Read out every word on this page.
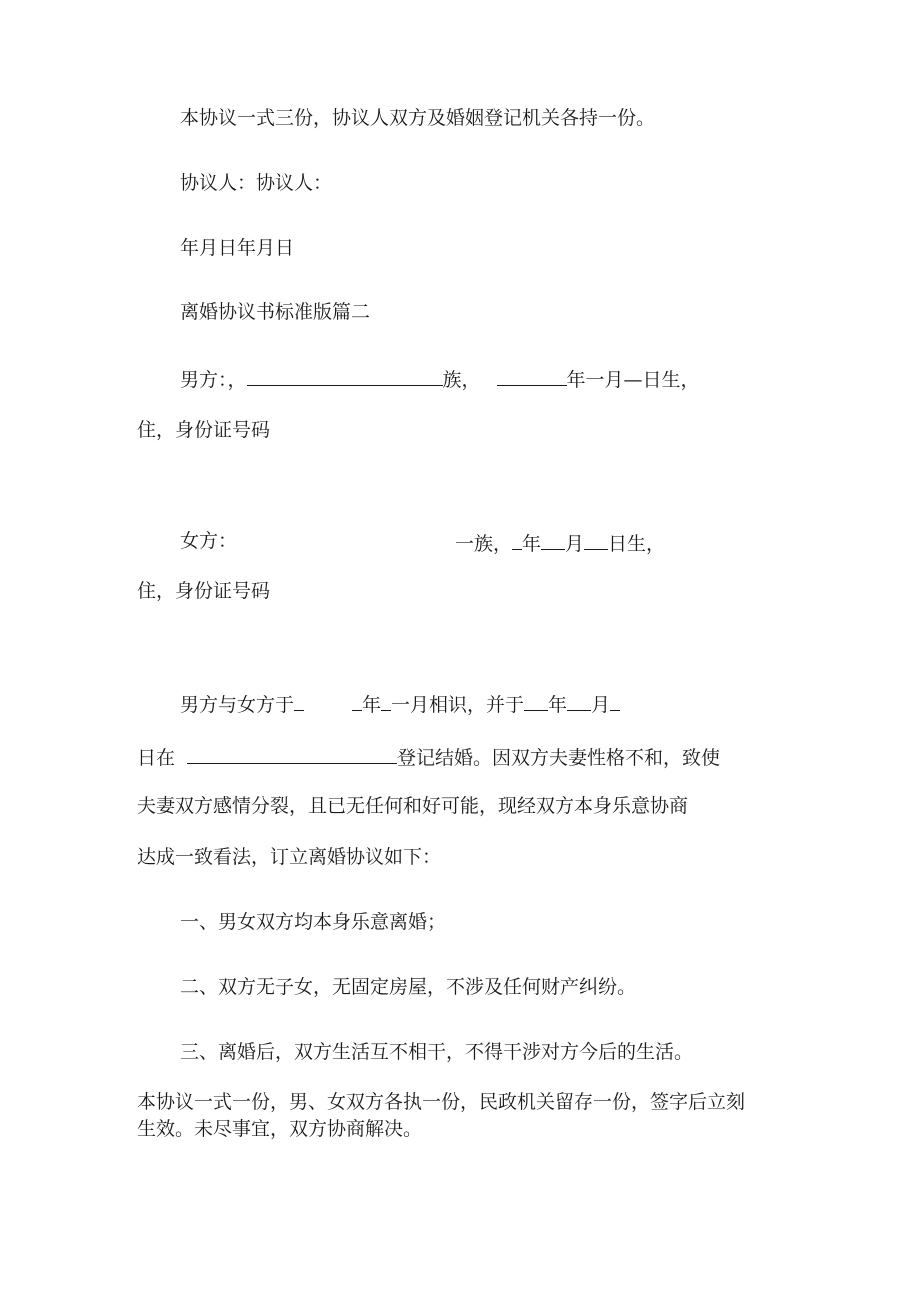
本协议一式三份，协议人双方及婚姻登记机关各持一份。
协议人：协议人：
年月日年月日
离婚协议书标准版篇二
男方：，	族，	年一月—日生，
住，身份证号码
女方：	一族， 年 月 日生，
住，身份证号码
男方与女方于	年 一月相识，并于 年 月
日在	登记结婚。因双方夫妻性格不和，致使
夫妻双方感情分裂，且已无任何和好可能，现经双方本身乐意协商
达成一致看法，订立离婚协议如下：
一、男女双方均本身乐意离婚；
二、双方无子女，无固定房屋，不涉及任何财产纠纷。
三、离婚后，双方生活互不相干，不得干涉对方今后的生活。
本协议一式一份，男、女双方各执一份，民政机关留存一份，签字后立刻
生效。未尽事宜，双方协商解决。
